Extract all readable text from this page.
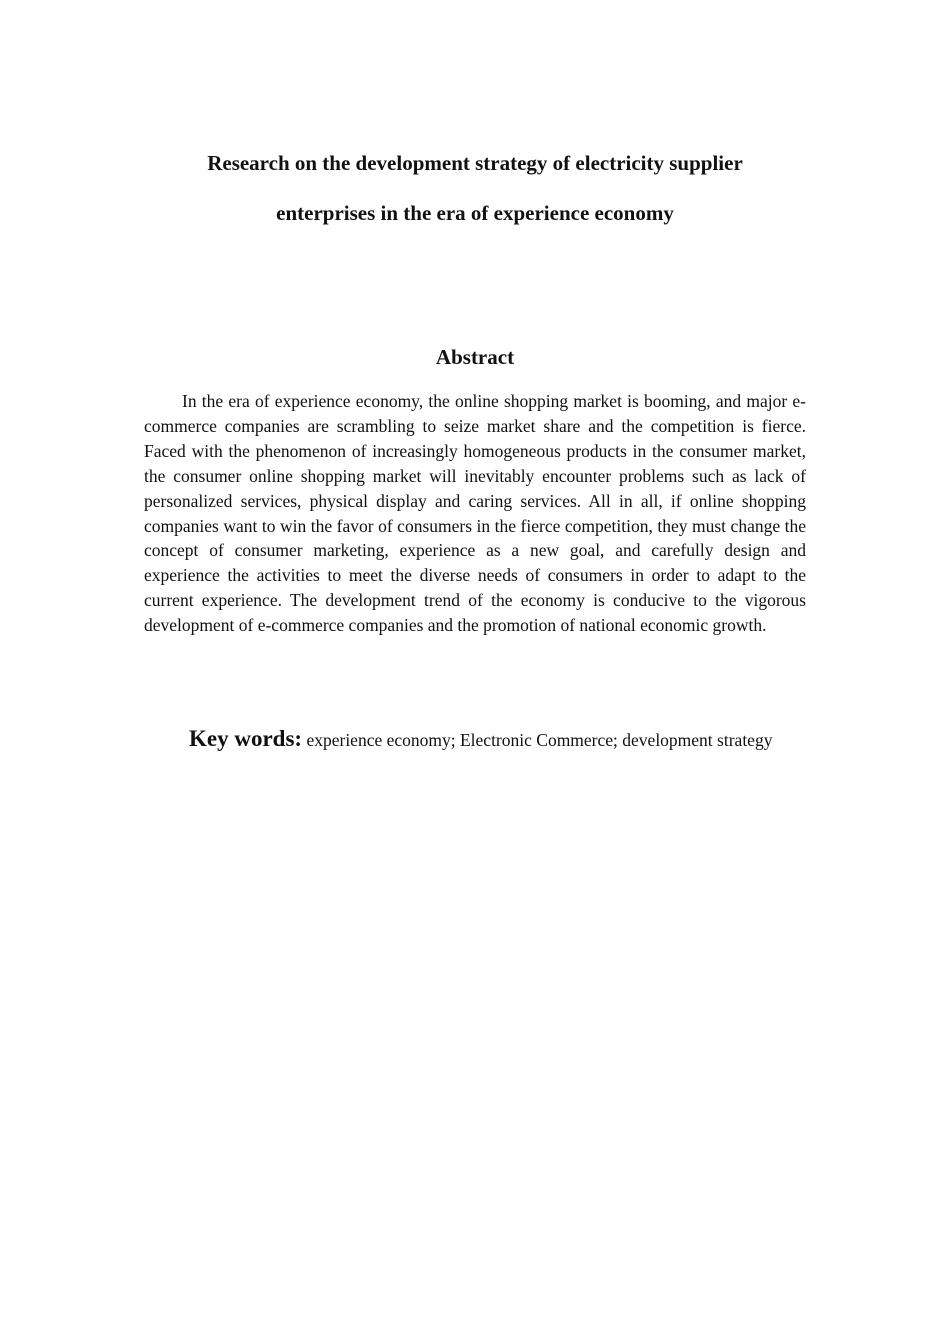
Research on the development strategy of electricity supplier
enterprises in the era of experience economy
Abstract

In the era of experience economy, the online shopping market is booming, and major e-commerce companies are scrambling to seize market share and the competition is fierce. Faced with the phenomenon of increasingly homogeneous products in the consumer market, the consumer online shopping market will inevitably encounter problems such as lack of personalized services, physical display and caring services. All in all, if online shopping companies want to win the favor of consumers in the fierce competition, they must change the concept of consumer marketing, experience as a new goal, and carefully design and experience the activities to meet the diverse needs of consumers in order to adapt to the current experience. The development trend of the economy is conducive to the vigorous development of e-commerce companies and the promotion of national economic growth.

Key words: experience economy; Electronic Commerce; development strategy
